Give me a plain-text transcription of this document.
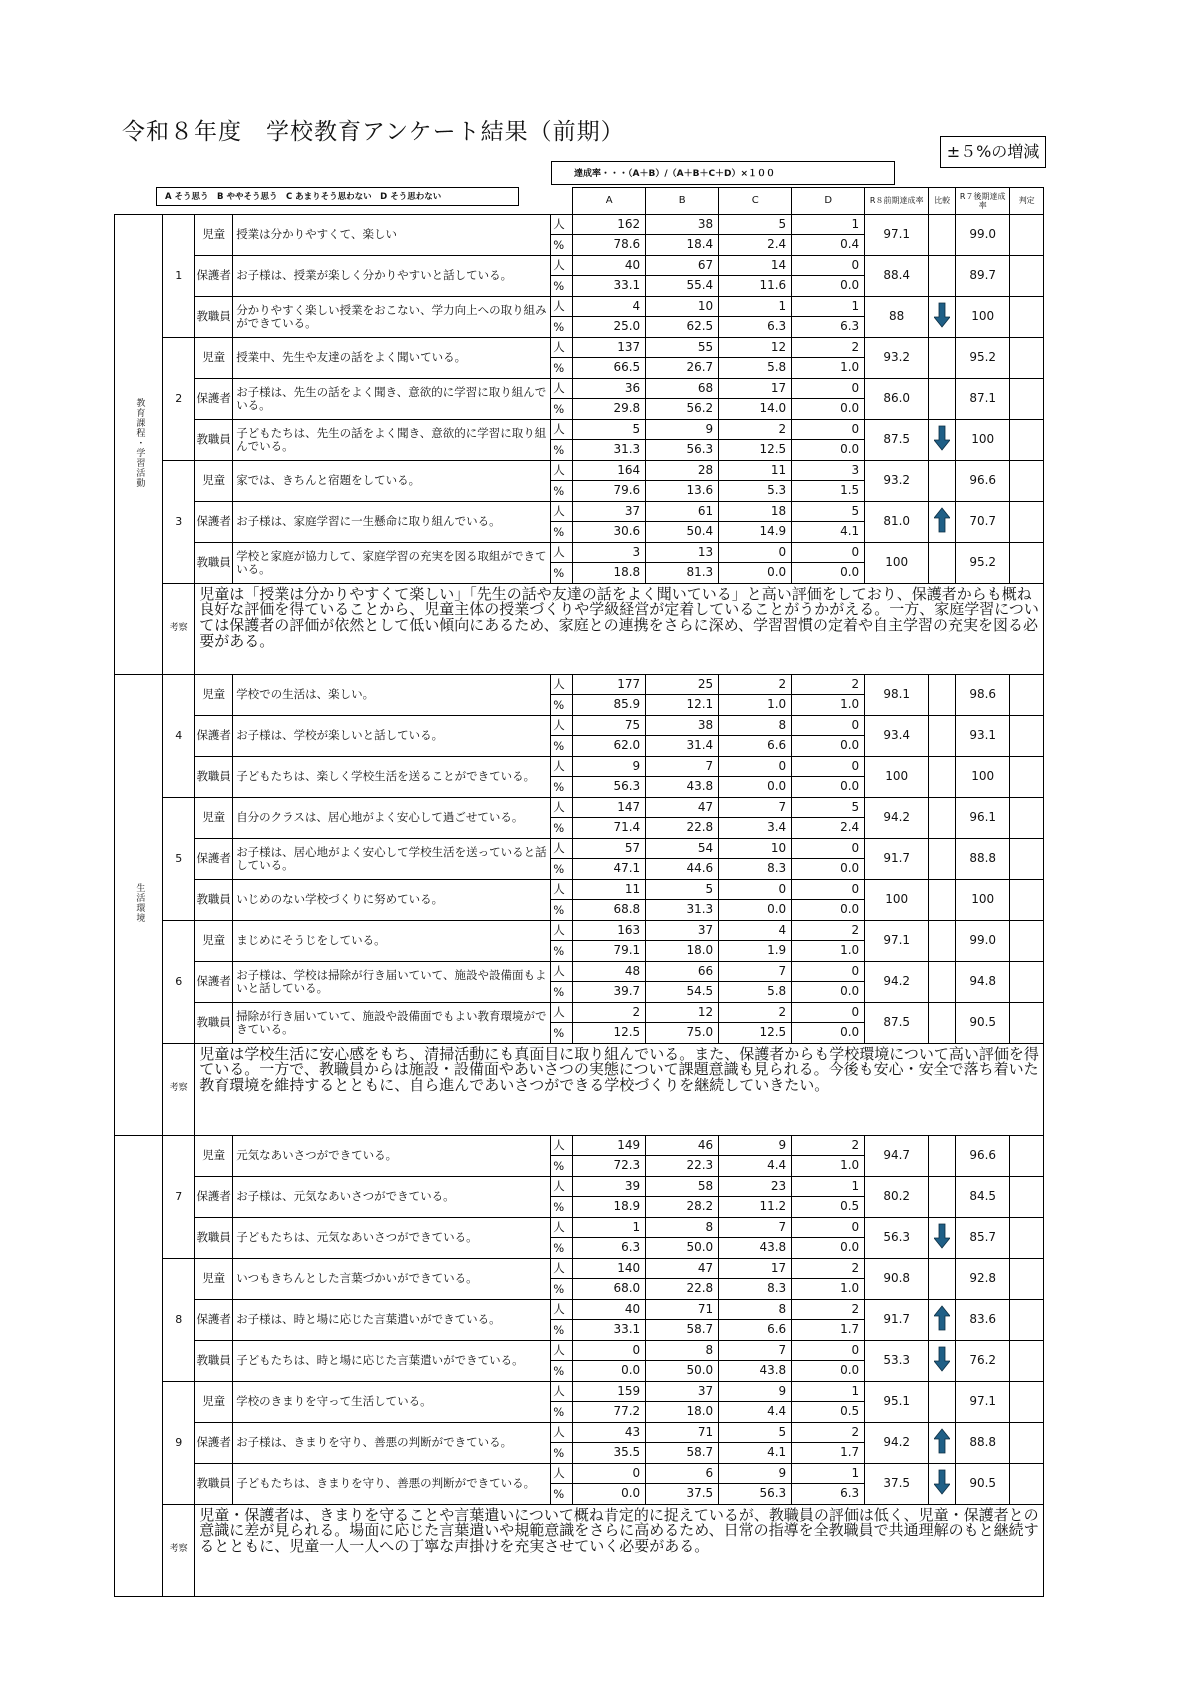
令和８年度　学校教育アンケート結果（前期）
±５%の増減
達成率・・・（A＋B）/（A＋B＋C＋D）×１００
A そう思う　B ややそう思う　C あまりそう思わない　D そう思わない
					A	B	C	D	R８前期達成率	比較	R７後期達成率	判定
教育課程・学習活動	1	児童	授業は分かりやすくて、楽しい	人	162	38	5	1	97.1		99.0	
				%	78.6	18.4	2.4	0.4				
		保護者	お子様は、授業が楽しく分かりやすいと話している。	人	40	67	14	0	88.4		89.7	
				%	33.1	55.4	11.6	0.0				
		教職員	分かりやすく楽しい授業をおこない、学力向上への取り組みができている。	人	4	10	1	1	88		100	
				%	25.0	62.5	6.3	6.3				
	2	児童	授業中、先生や友達の話をよく聞いている。	人	137	55	12	2	93.2		95.2	
				%	66.5	26.7	5.8	1.0				
		保護者	お子様は、先生の話をよく聞き、意欲的に学習に取り組んでいる。	人	36	68	17	0	86.0		87.1	
				%	29.8	56.2	14.0	0.0				
		教職員	子どもたちは、先生の話をよく聞き、意欲的に学習に取り組んでいる。	人	5	9	2	0	87.5		100	
				%	31.3	56.3	12.5	0.0				
	3	児童	家では、きちんと宿題をしている。	人	164	28	11	3	93.2		96.6	
				%	79.6	13.6	5.3	1.5				
		保護者	お子様は、家庭学習に一生懸命に取り組んでいる。	人	37	61	18	5	81.0		70.7	
				%	30.6	50.4	14.9	4.1				
		教職員	学校と家庭が協力して、家庭学習の充実を図る取組ができている。	人	3	13	0	0	100		95.2	
				%	18.8	81.3	0.0	0.0				
	考察	児童は「授業は分かりやすくて楽しい」「先生の話や友達の話をよく聞いている」と高い評価をしており、保護者からも概ね良好な評価を得ていることから、児童主体の授業づくりや学級経営が定着していることがうかがえる。一方、家庭学習については保護者の評価が依然として低い傾向にあるため、家庭との連携をさらに深め、学習習慣の定着や自主学習の充実を図る必要がある。										
生活環境	4	児童	学校での生活は、楽しい。	人	177	25	2	2	98.1		98.6	
				%	85.9	12.1	1.0	1.0				
		保護者	お子様は、学校が楽しいと話している。	人	75	38	8	0	93.4		93.1	
				%	62.0	31.4	6.6	0.0				
		教職員	子どもたちは、楽しく学校生活を送ることができている。	人	9	7	0	0	100		100	
				%	56.3	43.8	0.0	0.0				
	5	児童	自分のクラスは、居心地がよく安心して過ごせている。	人	147	47	7	5	94.2		96.1	
				%	71.4	22.8	3.4	2.4				
		保護者	お子様は、居心地がよく安心して学校生活を送っていると話している。	人	57	54	10	0	91.7		88.8	
				%	47.1	44.6	8.3	0.0				
		教職員	いじめのない学校づくりに努めている。	人	11	5	0	0	100		100	
				%	68.8	31.3	0.0	0.0				
	6	児童	まじめにそうじをしている。	人	163	37	4	2	97.1		99.0	
				%	79.1	18.0	1.9	1.0				
		保護者	お子様は、学校は掃除が行き届いていて、施設や設備面もよいと話している。	人	48	66	7	0	94.2		94.8	
				%	39.7	54.5	5.8	0.0				
		教職員	掃除が行き届いていて、施設や設備面でもよい教育環境ができている。	人	2	12	2	0	87.5		90.5	
				%	12.5	75.0	12.5	0.0				
	考察	児童は学校生活に安心感をもち、清掃活動にも真面目に取り組んでいる。また、保護者からも学校環境について高い評価を得ている。一方で、教職員からは施設・設備面やあいさつの実態について課題意識も見られる。今後も安心・安全で落ち着いた教育環境を維持するとともに、自ら進んであいさつができる学校づくりを継続していきたい。										
	7	児童	元気なあいさつができている。	人	149	46	9	2	94.7		96.6	
				%	72.3	22.3	4.4	1.0				
		保護者	お子様は、元気なあいさつができている。	人	39	58	23	1	80.2		84.5	
				%	18.9	28.2	11.2	0.5				
		教職員	子どもたちは、元気なあいさつができている。	人	1	8	7	0	56.3		85.7	
				%	6.3	50.0	43.8	0.0				
	8	児童	いつもきちんとした言葉づかいができている。	人	140	47	17	2	90.8		92.8	
				%	68.0	22.8	8.3	1.0				
		保護者	お子様は、時と場に応じた言葉遣いができている。	人	40	71	8	2	91.7		83.6	
				%	33.1	58.7	6.6	1.7				
		教職員	子どもたちは、時と場に応じた言葉遣いができている。	人	0	8	7	0	53.3		76.2	
				%	0.0	50.0	43.8	0.0				
	9	児童	学校のきまりを守って生活している。	人	159	37	9	1	95.1		97.1	
				%	77.2	18.0	4.4	0.5				
		保護者	お子様は、きまりを守り、善悪の判断ができている。	人	43	71	5	2	94.2		88.8	
				%	35.5	58.7	4.1	1.7				
		教職員	子どもたちは、きまりを守り、善悪の判断ができている。	人	0	6	9	1	37.5		90.5	
				%	0.0	37.5	56.3	6.3				
	考察	児童・保護者は、きまりを守ることや言葉遣いについて概ね肯定的に捉えているが、教職員の評価は低く、児童・保護者との意識に差が見られる。場面に応じた言葉遣いや規範意識をさらに高めるため、日常の指導を全教職員で共通理解のもと継続するとともに、児童一人一人への丁寧な声掛けを充実させていく必要がある。										
